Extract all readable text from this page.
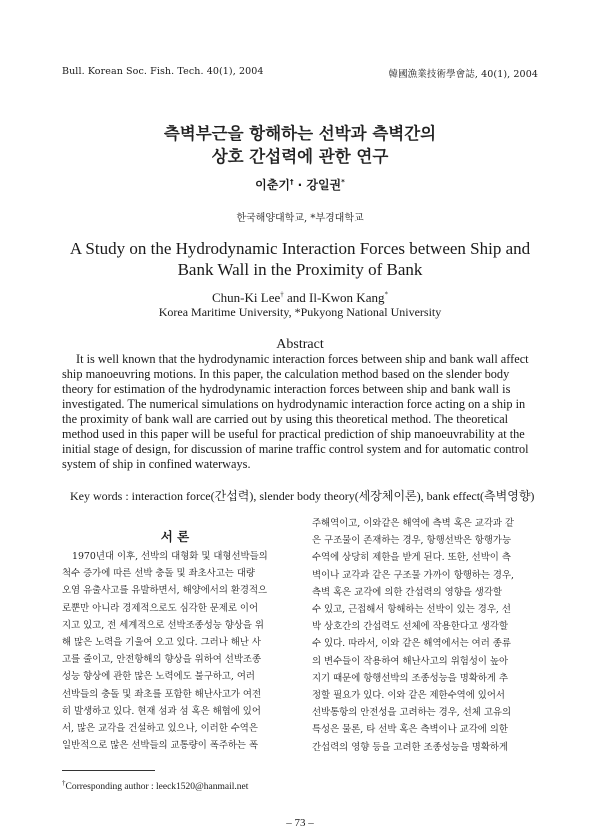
Bull. Korean Soc. Fish. Tech. 40(1), 2004	韓國漁業技術學會誌, 40(1), 2004
측벽부근을 항해하는 선박과 측벽간의
상호 간섭력에 관한 연구
이춘기† · 강일권*
한국해양대학교, *부경대학교
A Study on the Hydrodynamic Interaction Forces between Ship and
Bank Wall in the Proximity of Bank
Chun-Ki Lee† and Il-Kwon Kang*
Korea Maritime University, *Pukyong National University
Abstract
It is well known that the hydrodynamic interaction forces between ship and bank wall affect
ship manoeuvring motions. In this paper, the calculation method based on the slender body
theory for estimation of the hydrodynamic interaction forces between ship and bank wall is
investigated. The numerical simulations on hydrodynamic interaction force acting on a ship in
the proximity of bank wall are carried out by using this theoretical method. The theoretical
method used in this paper will be useful for practical prediction of ship manoeuvrability at the
initial stage of design, for discussion of marine traffic control system and for automatic control
system of ship in confined waterways.
Key words : interaction force(간섭력), slender body theory(세장체이론), bank effect(측벽영향)
서 론
1970년대 이후, 선박의 대형화 및 대형선박들의
척수 증가에 따른 선박 충돌 및 좌초사고는 대량
오염 유출사고를 유발하면서, 해양에서의 환경적으
로뿐만 아니라 경제적으로도 심각한 문제로 이어
지고 있고, 전 세계적으로 선박조종성능 향상을 위
해 많은 노력을 기울여 오고 있다. 그러나 해난 사
고를 줄이고, 안전항해의 향상을 위하여 선박조종
성능 향상에 관한 많은 노력에도 불구하고, 여러
선박들의 충돌 및 좌초를 포함한 해난사고가 여전
히 발생하고 있다. 현재 섬과 섬 혹은 해협에 있어
서, 많은 교각을 건설하고 있으나, 이러한 수역은
일반적으로 많은 선박들의 교통량이 폭주하는 폭
주해역이고, 이와같은 해역에 측벽 혹은 교각과 같
은 구조물이 존재하는 경우, 항행선박은 항행가능
수역에 상당히 제한을 받게 된다. 또한, 선박이 측
벽이나 교각과 같은 구조물 가까이 항행하는 경우,
측벽 혹은 교각에 의한 간섭력의 영향을 생각할
수 있고, 근접해서 항해하는 선박이 있는 경우, 선
박 상호간의 간섭력도 선체에 작용한다고 생각할
수 있다. 따라서, 이와 같은 해역에서는 여러 종류
의 변수들이 작용하여 해난사고의 위험성이 높아
지기 때문에 항행선박의 조종성능을 명확하게 추
정할 필요가 있다. 이와 같은 제한수역에 있어서
선박통항의 안전성을 고려하는 경우, 선체 고유의
특성은 물론, 타 선박 혹은 측벽이나 교각에 의한
간섭력의 영향 등을 고려한 조종성능을 명확하게
†Corresponding author : leeck1520@hanmail.net
– 73 –
